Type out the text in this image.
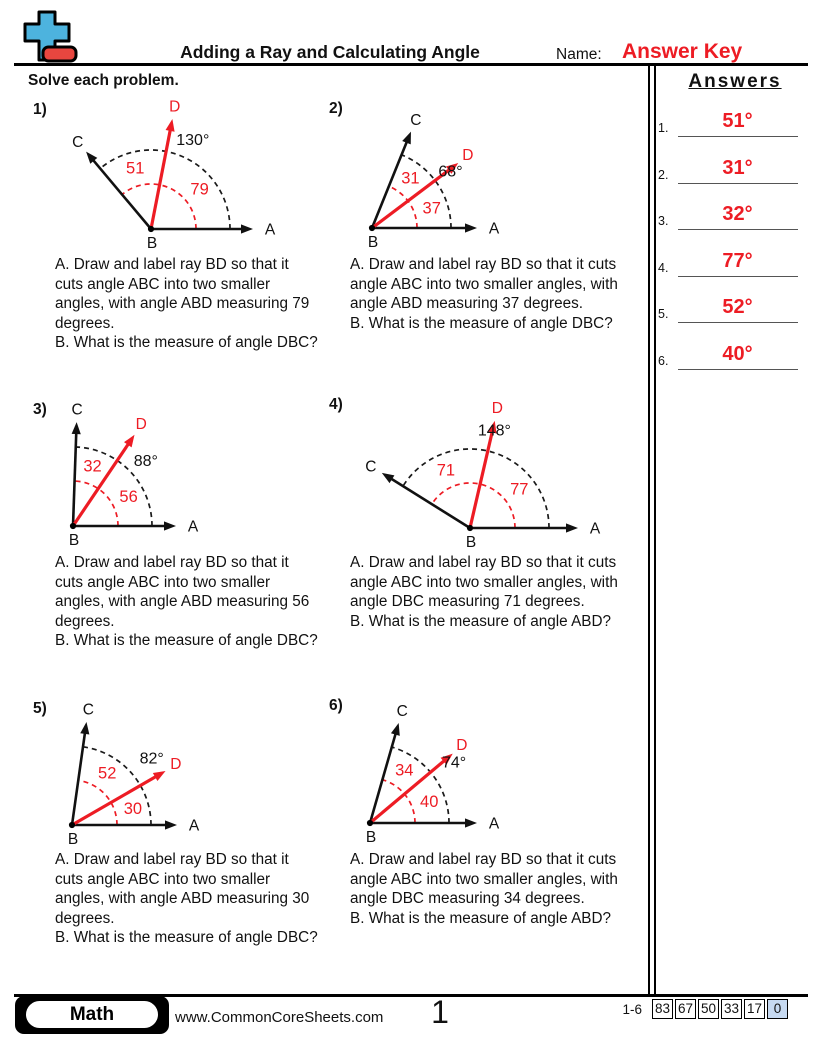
Adding a Ray and Calculating Angle	Name: Answer Key
Solve each problem.	Answers
1.	51°
2.	31°
3.	32°
4.	77°
5.	52°
6.	40°
1)
A
B
C
D
130°
51
79
A. Draw and label ray BD so that it
cuts angle ABC into two smaller
angles, with angle ABD measuring 79
degrees.
B. What is the measure of angle DBC?
2)
A
B
C
D
68°
31
37
A. Draw and label ray BD so that it cuts
angle ABC into two smaller angles, with
angle ABD measuring 37 degrees.
B. What is the measure of angle DBC?
3)
A
B
C
D
88°
32
56
A. Draw and label ray BD so that it
cuts angle ABC into two smaller
angles, with angle ABD measuring 56
degrees.
B. What is the measure of angle DBC?
4)
A
B
C
D
148°
71
77
A. Draw and label ray BD so that it cuts
angle ABC into two smaller angles, with
angle DBC measuring 71 degrees.
B. What is the measure of angle ABD?
5)
A
B
C
D
82°
52
30
A. Draw and label ray BD so that it
cuts angle ABC into two smaller
angles, with angle ABD measuring 30
degrees.
B. What is the measure of angle DBC?
6)
A
B
C
D
74°
34
40
A. Draw and label ray BD so that it cuts
angle ABC into two smaller angles, with
angle DBC measuring 34 degrees.
B. What is the measure of angle ABD?
Math	www.CommonCoreSheets.com	1	1-6 83 67 50 33 17 0
